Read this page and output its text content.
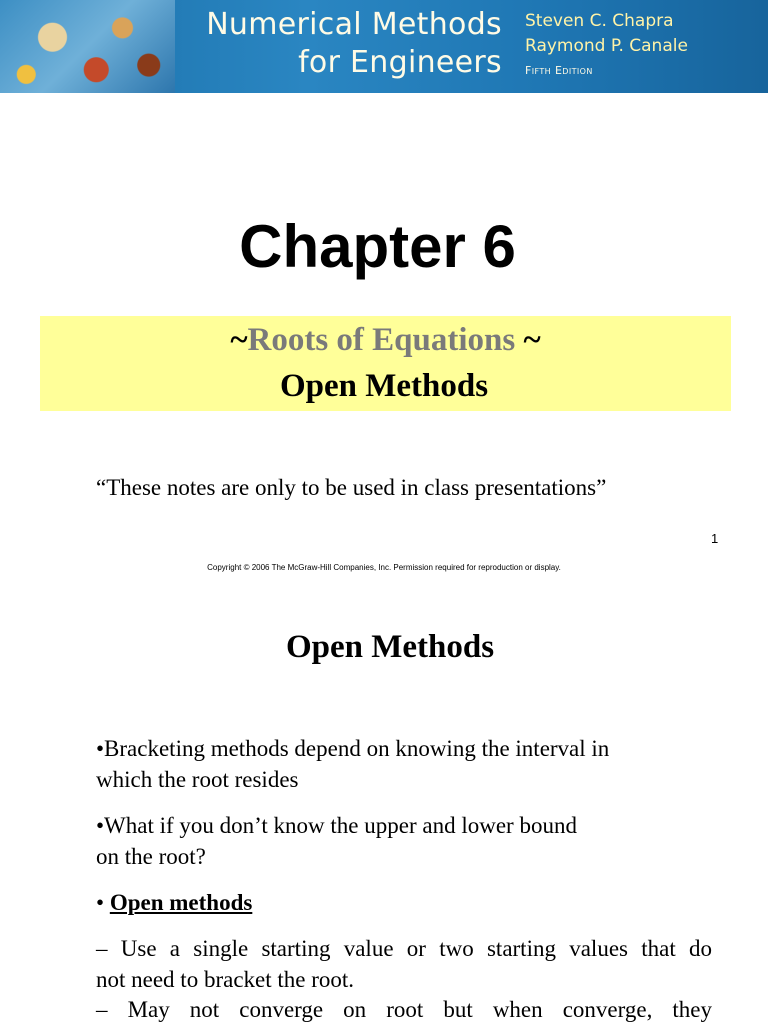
Numerical Methods
for Engineers
Steven C. Chapra
Raymond P. Canale
Fifth Edition
Chapter 6
~Roots of Equations ~
Open Methods
“These notes are only to be used in class presentations”
1
Copyright © 2006 The McGraw-Hill Companies, Inc. Permission required for reproduction or display.
Open Methods
•Bracketing methods depend on knowing the interval in
which the root resides
•What if you don’t know the upper and lower bound
on the root?
• Open methods
– Use a single starting value or two starting values that do
not need to bracket the root.
– May not converge on root but when converge, they
